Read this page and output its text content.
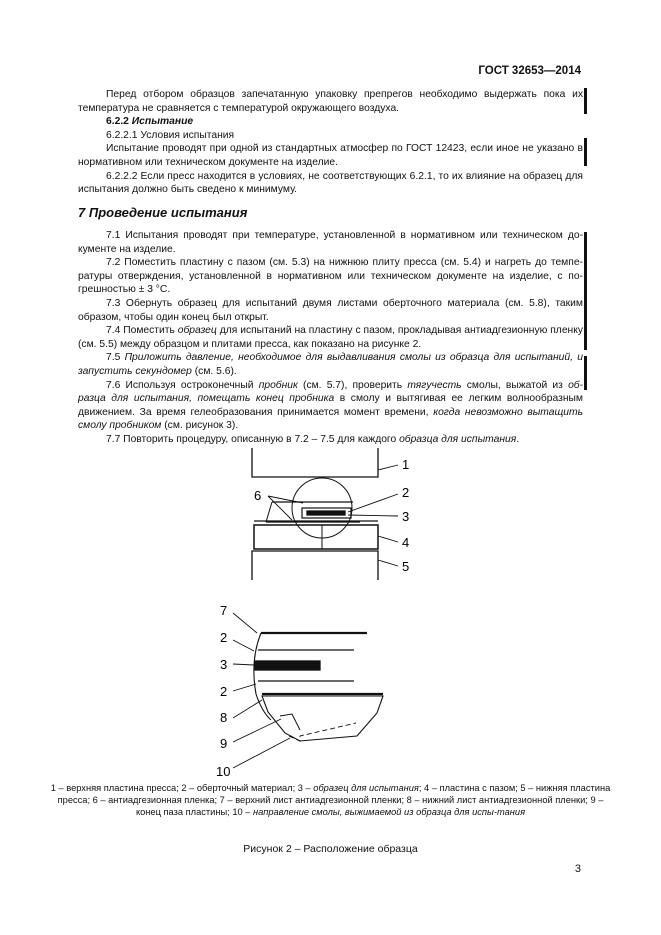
ГОСТ 32653—2014

Перед отбором образцов запечатанную упаковку препрегов необходимо выдержать пока их температура не сравняется с температурой окружающего воздуха.

6.2.2 Испытание

6.2.2.1 Условия испытания

Испытание проводят при одной из стандартных атмосфер по ГОСТ 12423, если иное не указано в нормативном или техническом документе на изделие.

6.2.2.2 Если пресс находится в условиях, не соответствующих 6.2.1, то их влияние на образец для испытания должно быть сведено к минимуму.

7 Проведение испытания

7.1 Испытания проводят при температуре, установленной в нормативном или техническом до-кументе на изделие.

7.2 Поместить пластину с пазом (см. 5.3) на нижнюю плиту пресса (см. 5.4) и нагреть до темпе-ратуры отверждения, установленной в нормативном или техническом документе на изделие, с по-грешностью ± 3 °С.

7.3 Обернуть образец для испытаний двумя листами оберточного материала (см. 5.8), таким образом, чтобы один конец был открыт.

7.4 Поместить образец для испытаний на пластину с пазом, прокладывая антиадгезионную пленку (см. 5.5) между образцом и плитами пресса, как показано на рисунке 2.

7.5 Приложить давление, необходимое для выдавливания смолы из образца для испытаний, и запустить секундомер (см. 5.6).

7.6 Используя остроконечный пробник (см. 5.7), проверить тягучесть смолы, выжатой из об-разца для испытания, помещать конец пробника в смолу и вытягивая ее легким волнообразным движением. За время гелеобразования принимается момент времени, когда невозможно вытащить смолу пробником (см. рисунок 3).

7.7 Повторить процедуру, описанную в 7.2 – 7.5 для каждого образца для испытания.

1
2
3
4
5
6
7
2
3
2
8
9
10
1 – верхняя пластина пресса; 2 – оберточный материал; 3 – образец для испытания; 4 – пластина с пазом; 5 – нижняя пластина пресса; 6 – антиадгезионная пленка; 7 – верхний лист антиадгезионной пленки; 8 – нижний лист антиадгезионной пленки; 9 – конец паза пластины; 10 – направление смолы, выжимаемой из образца для испы-тания
Рисунок 2 – Расположение образца
3
